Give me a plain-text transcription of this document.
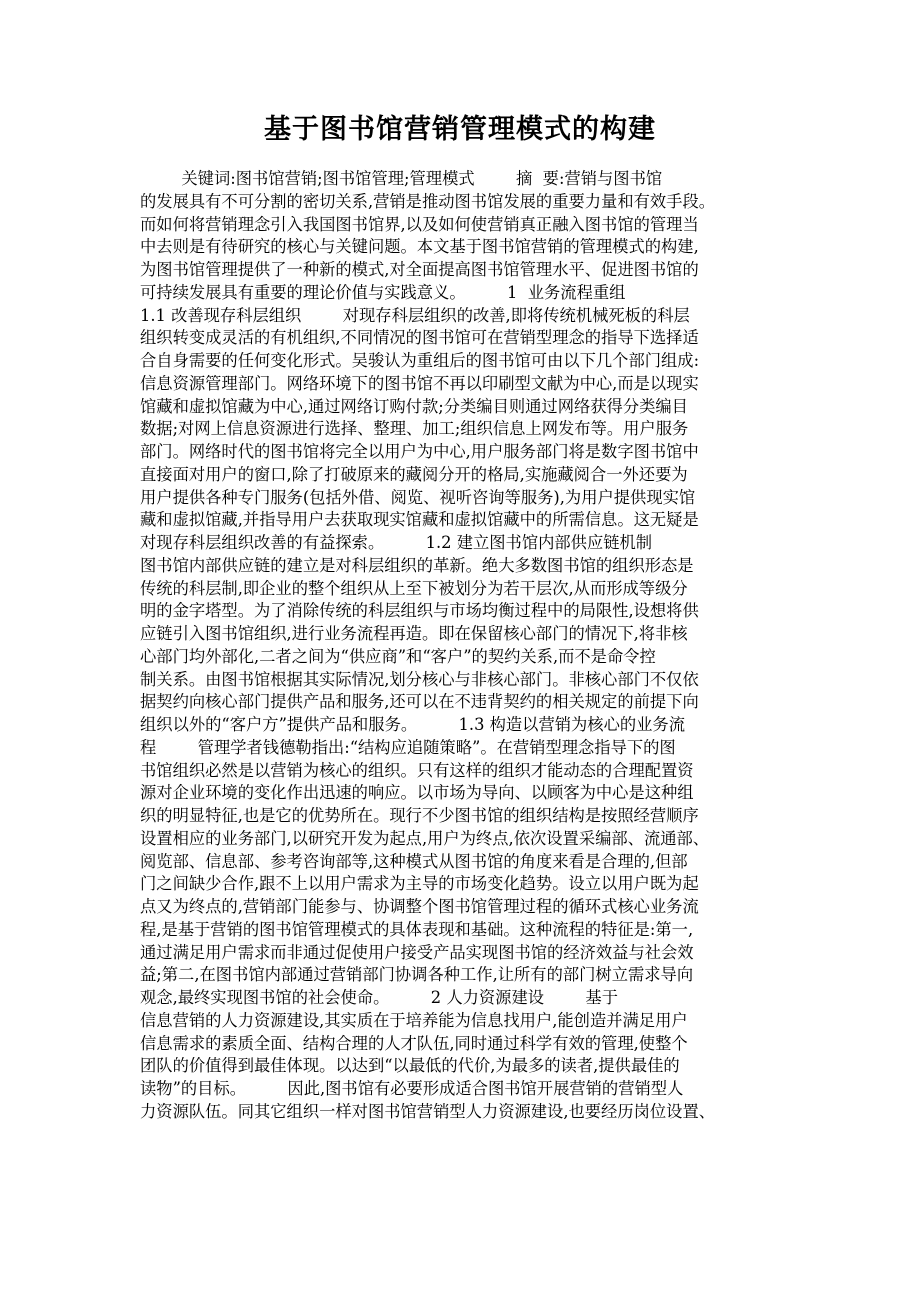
基于图书馆营销管理模式的构建
关键词:图书馆营销;图书馆管理;管理模式        摘  要:营销与图书馆
的发展具有不可分割的密切关系,营销是推动图书馆发展的重要力量和有效手段。
而如何将营销理念引入我国图书馆界,以及如何使营销真正融入图书馆的管理当
中去则是有待研究的核心与关键问题。本文基于图书馆营销的管理模式的构建,
为图书馆管理提供了一种新的模式,对全面提高图书馆管理水平、促进图书馆的
可持续发展具有重要的理论价值与实践意义。        1  业务流程重组
1.1 改善现存科层组织        对现存科层组织的改善,即将传统机械死板的科层
组织转变成灵活的有机组织,不同情况的图书馆可在营销型理念的指导下选择适
合自身需要的任何变化形式。吴骏认为重组后的图书馆可由以下几个部门组成:
信息资源管理部门。网络环境下的图书馆不再以印刷型文献为中心,而是以现实
馆藏和虚拟馆藏为中心,通过网络订购付款;分类编目则通过网络获得分类编目
数据;对网上信息资源进行选择、整理、加工;组织信息上网发布等。用户服务
部门。网络时代的图书馆将完全以用户为中心,用户服务部门将是数字图书馆中
直接面对用户的窗口,除了打破原来的藏阅分开的格局,实施藏阅合一外还要为
用户提供各种专门服务(包括外借、阅览、视听咨询等服务),为用户提供现实馆
藏和虚拟馆藏,并指导用户去获取现实馆藏和虚拟馆藏中的所需信息。这无疑是
对现存科层组织改善的有益探索。        1.2 建立图书馆内部供应链机制
图书馆内部供应链的建立是对科层组织的革新。绝大多数图书馆的组织形态是
传统的科层制,即企业的整个组织从上至下被划分为若干层次,从而形成等级分
明的金字塔型。为了消除传统的科层组织与市场均衡过程中的局限性,设想将供
应链引入图书馆组织,进行业务流程再造。即在保留核心部门的情况下,将非核
心部门均外部化,二者之间为“供应商”和“客户”的契约关系,而不是命令控
制关系。由图书馆根据其实际情况,划分核心与非核心部门。非核心部门不仅依
据契约向核心部门提供产品和服务,还可以在不违背契约的相关规定的前提下向
组织以外的“客户方”提供产品和服务。        1.3 构造以营销为核心的业务流
程        管理学者钱德勒指出:“结构应追随策略”。在营销型理念指导下的图
书馆组织必然是以营销为核心的组织。只有这样的组织才能动态的合理配置资
源对企业环境的变化作出迅速的响应。以市场为导向、以顾客为中心是这种组
织的明显特征,也是它的优势所在。现行不少图书馆的组织结构是按照经营顺序
设置相应的业务部门,以研究开发为起点,用户为终点,依次设置采编部、流通部、
阅览部、信息部、参考咨询部等,这种模式从图书馆的角度来看是合理的,但部
门之间缺少合作,跟不上以用户需求为主导的市场变化趋势。设立以用户既为起
点又为终点的,营销部门能参与、协调整个图书馆管理过程的循环式核心业务流
程,是基于营销的图书馆管理模式的具体表现和基础。这种流程的特征是:第一,
通过满足用户需求而非通过促使用户接受产品实现图书馆的经济效益与社会效
益;第二,在图书馆内部通过营销部门协调各种工作,让所有的部门树立需求导向
观念,最终实现图书馆的社会使命。        2 人力资源建设        基于
信息营销的人力资源建设,其实质在于培养能为信息找用户,能创造并满足用户
信息需求的素质全面、结构合理的人才队伍,同时通过科学有效的管理,使整个
团队的价值得到最佳体现。以达到“以最低的代价,为最多的读者,提供最佳的
读物”的目标。        因此,图书馆有必要形成适合图书馆开展营销的营销型人
力资源队伍。同其它组织一样对图书馆营销型人力资源建设,也要经历岗位设置、
